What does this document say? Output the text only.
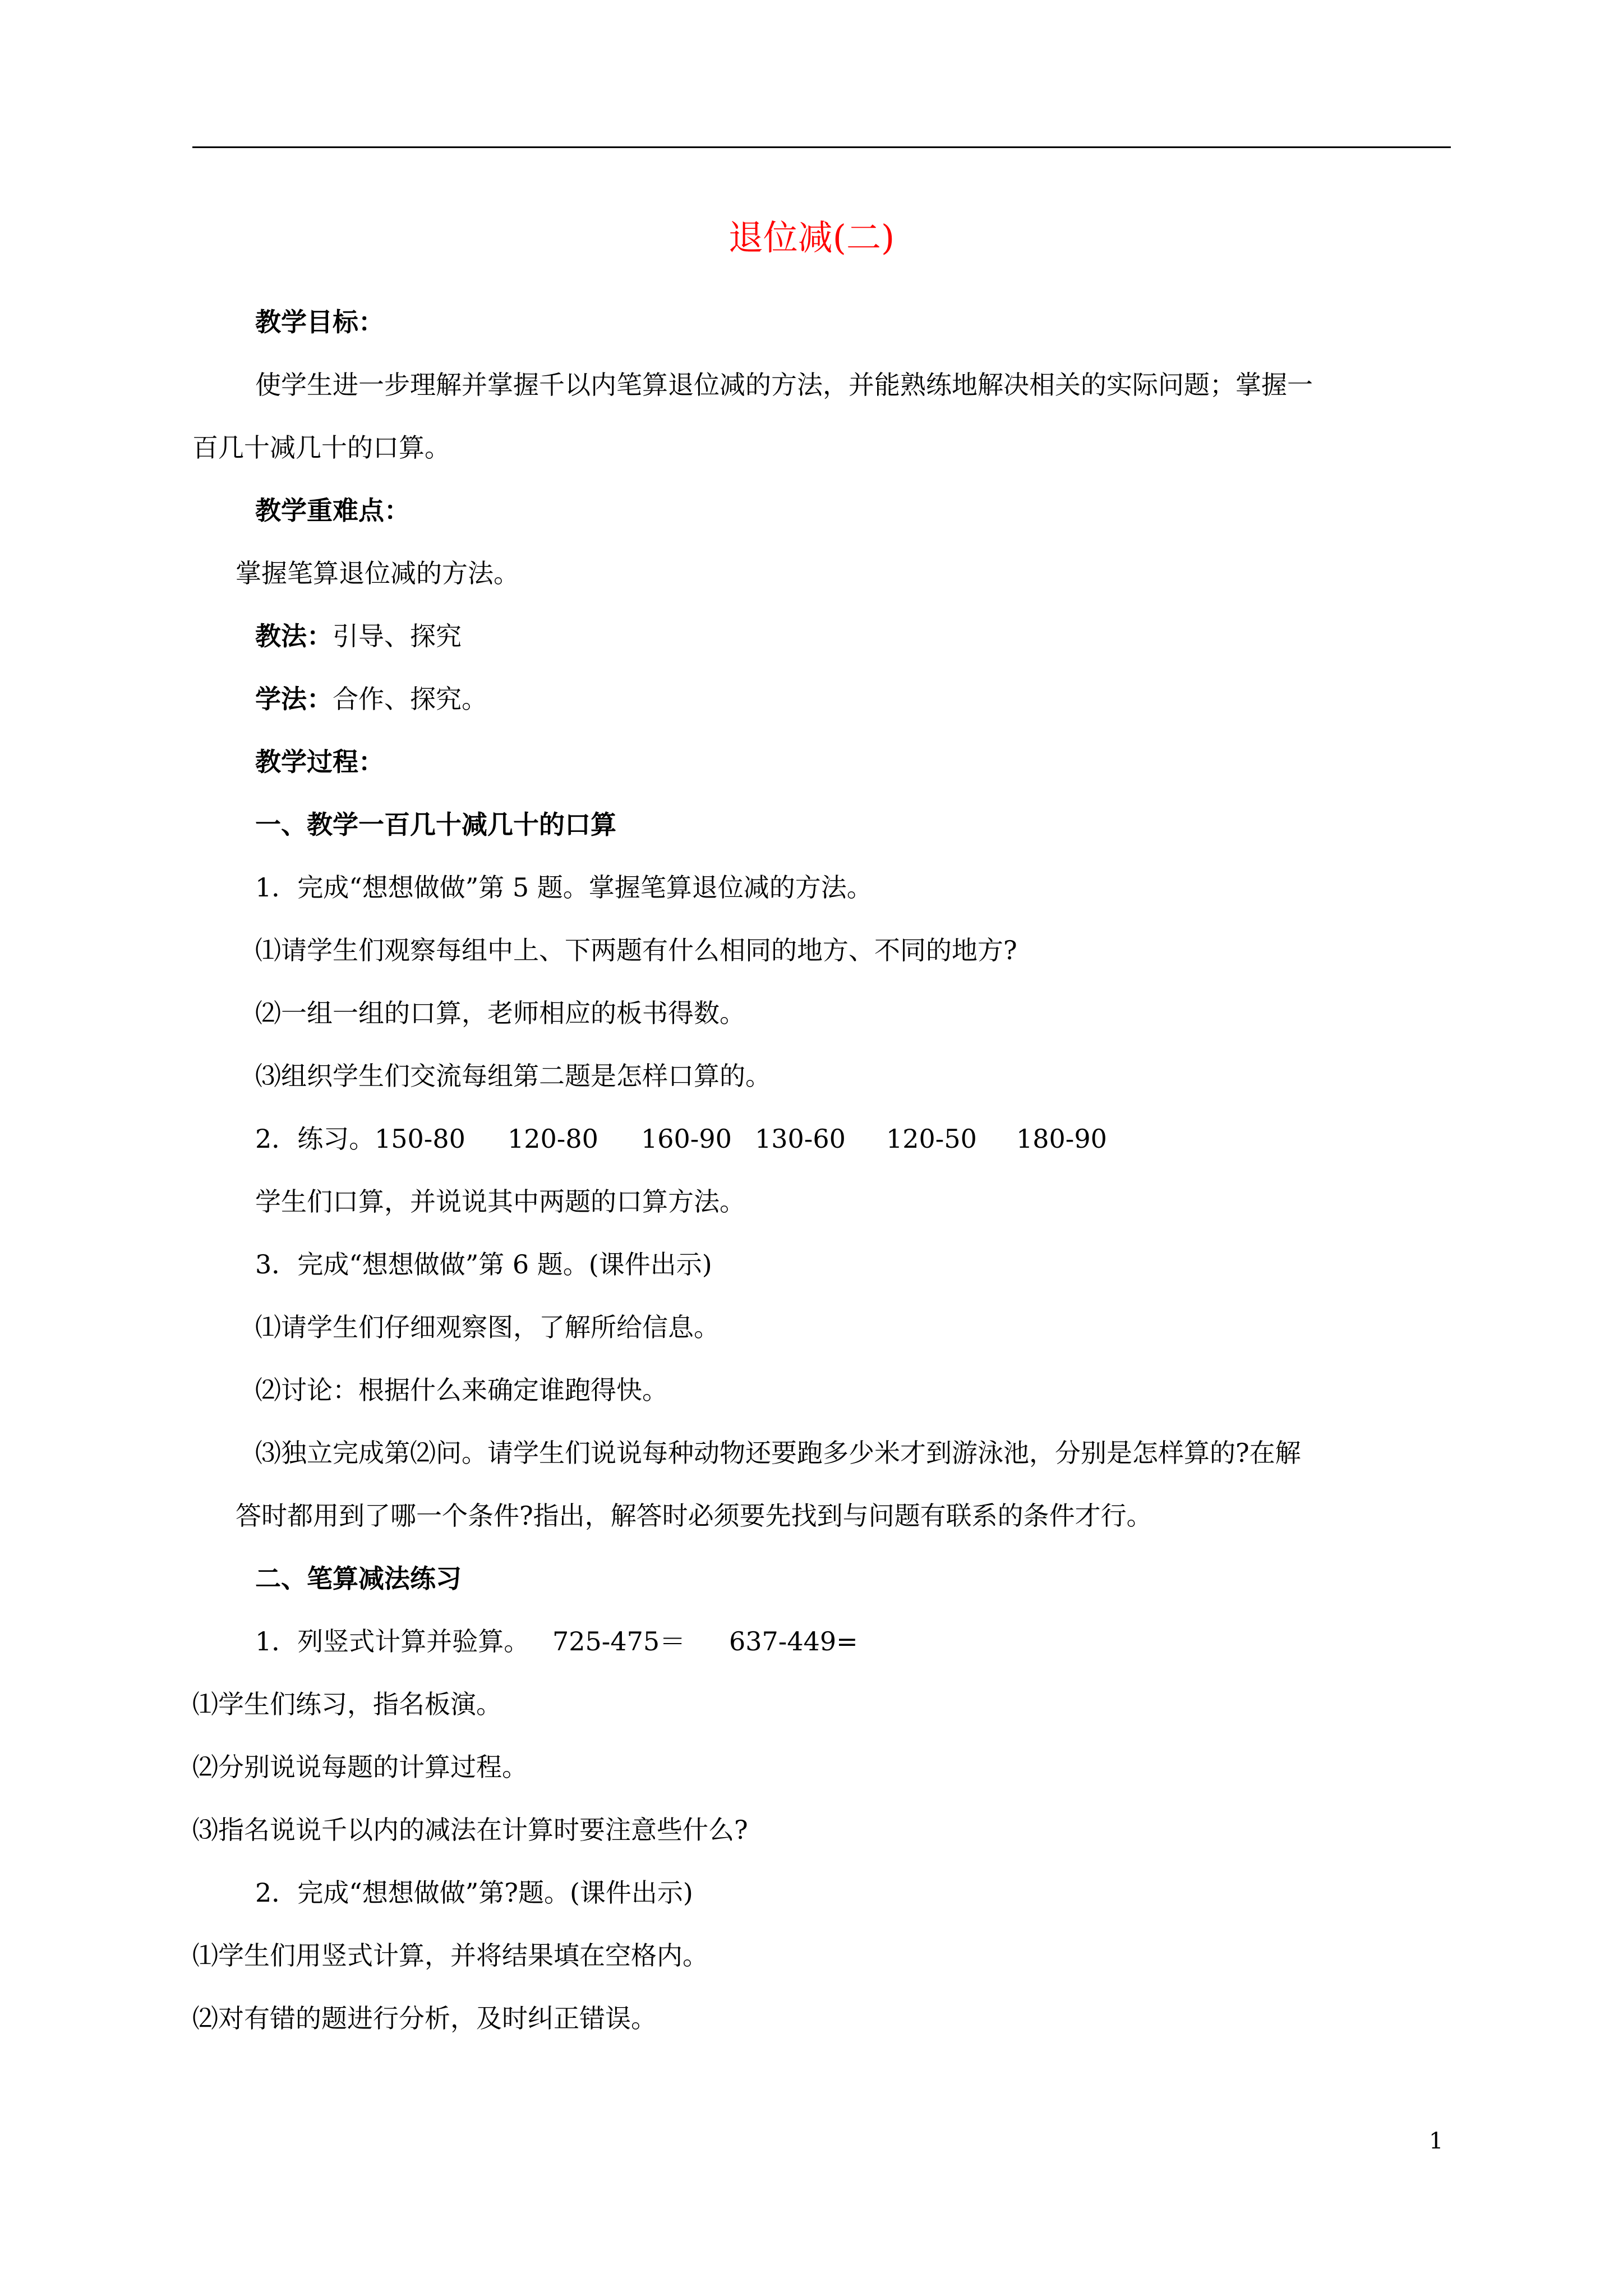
退位减(二)
教学目标：
使学生进一步理解并掌握千以内笔算退位减的方法，并能熟练地解决相关的实际问题；掌握一
百几十减几十的口算。
教学重难点：
掌握笔算退位减的方法。
教法：引导、探究
学法：合作、探究。
教学过程：
一、教学一百几十减几十的口算
1．完成“想想做做”第 5 题。掌握笔算退位减的方法。
⑴请学生们观察每组中上、下两题有什么相同的地方、不同的地方?
⑵一组一组的口算，老师相应的板书得数。
⑶组织学生们交流每组第二题是怎样口算的。
2．练习。 150-80 120-80 160-90 130-60 120-50 180-90
学生们口算，并说说其中两题的口算方法。
3．完成“想想做做”第 6 题。(课件出示)
⑴请学生们仔细观察图，了解所给信息。
⑵讨论：根据什么来确定谁跑得快。
⑶独立完成第⑵问。请学生们说说每种动物还要跑多少米才到游泳池，分别是怎样算的?在解
答时都用到了哪一个条件?指出，解答时必须要先找到与问题有联系的条件才行。
二、笔算减法练习
1．列竖式计算并验算。 725-475＝ 637-449=
⑴学生们练习，指名板演。
⑵分别说说每题的计算过程。
⑶指名说说千以内的减法在计算时要注意些什么?
2．完成“想想做做”第?题。(课件出示)
⑴学生们用竖式计算，并将结果填在空格内。
⑵对有错的题进行分析，及时纠正错误。
1
